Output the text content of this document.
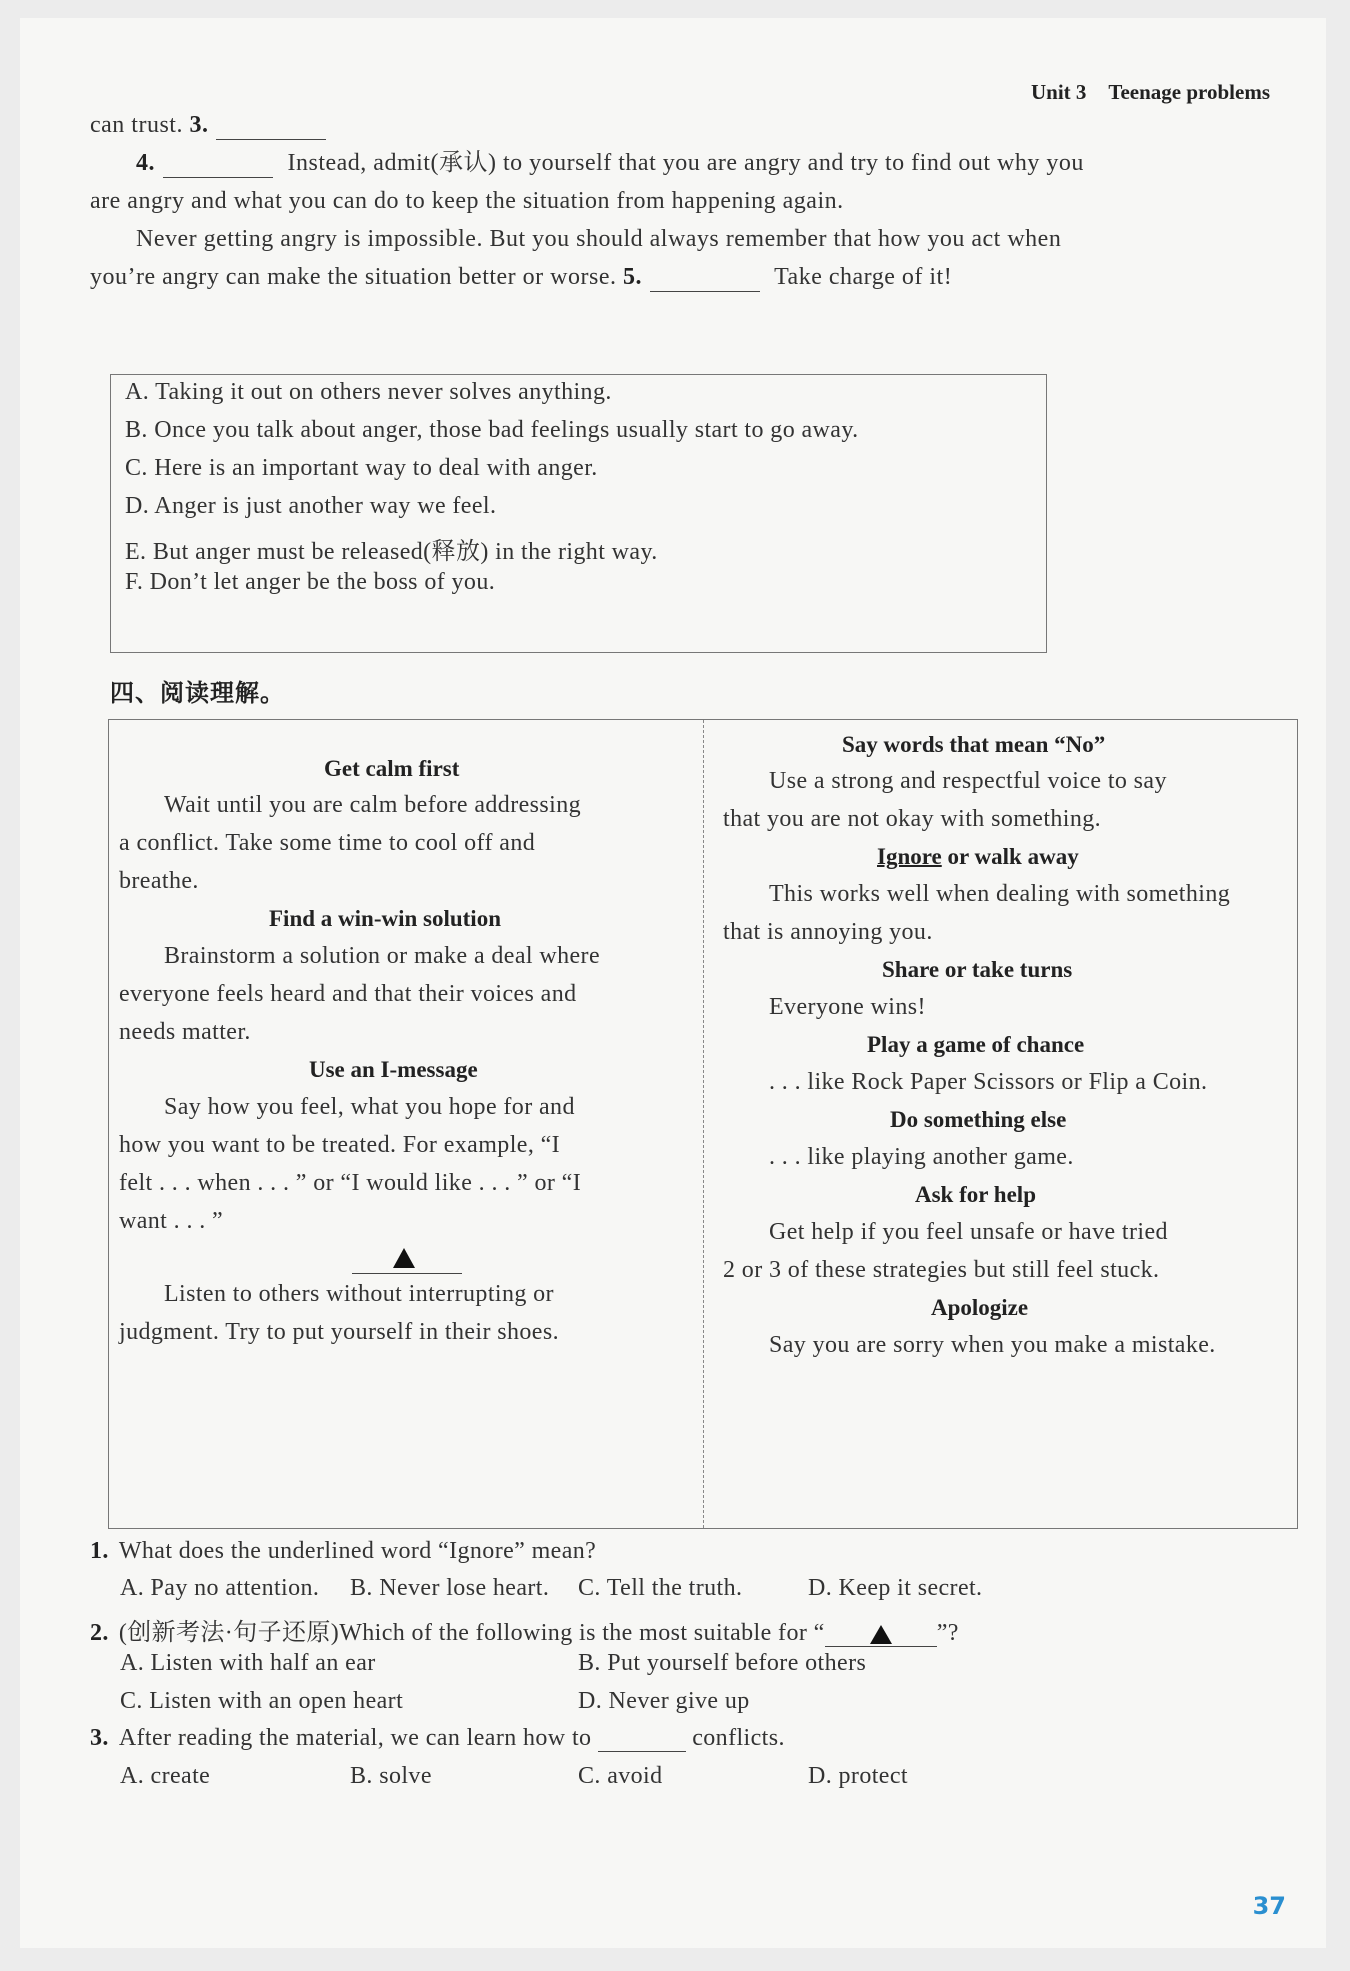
Unit 3 Teenage problems
can trust. 3.
4.	Instead, admit(承认) to yourself that you are angry and try to find out why you
are angry and what you can do to keep the situation from happening again.
Never getting angry is impossible. But you should always remember that how you act when
you’re angry can make the situation better or worse. 5.	Take charge of it!
A. Taking it out on others never solves anything.
B. Once you talk about anger, those bad feelings usually start to go away.
C. Here is an important way to deal with anger.
D. Anger is just another way we feel.
E. But anger must be released(释放) in the right way.
F. Don’t let anger be the boss of you.
四、阅读理解。
Get calm first
Wait until you are calm before addressing
a conflict. Take some time to cool off and
breathe.
Find a win-win solution
Brainstorm a solution or make a deal where
everyone feels heard and that their voices and
needs matter.
Use an I-message
Say how you feel, what you hope for and
how you want to be treated. For example, “I
felt . . . when . . . ” or “I would like . . . ” or “I
want . . . ”
Listen to others without interrupting or
judgment. Try to put yourself in their shoes.
Say words that mean “No”
Use a strong and respectful voice to say
that you are not okay with something.
Ignore or walk away
This works well when dealing with something
that is annoying you.
Share or take turns
Everyone wins!
Play a game of chance
. . . like Rock Paper Scissors or Flip a Coin.
Do something else
. . . like playing another game.
Ask for help
Get help if you feel unsafe or have tried
2 or 3 of these strategies but still feel stuck.
Apologize
Say you are sorry when you make a mistake.
1. What does the underlined word “Ignore” mean?
A. Pay no attention. B. Never lose heart. C. Tell the truth.	D. Keep it secret.
2. (创新考法·句子还原)Which of the following is the most suitable for “	”?
A. Listen with half an ear	B. Put yourself before others
C. Listen with an open heart	D. Never give up
3. After reading the material, we can learn how to	conflicts.
A. create	B. solve	C. avoid	D. protect
37
